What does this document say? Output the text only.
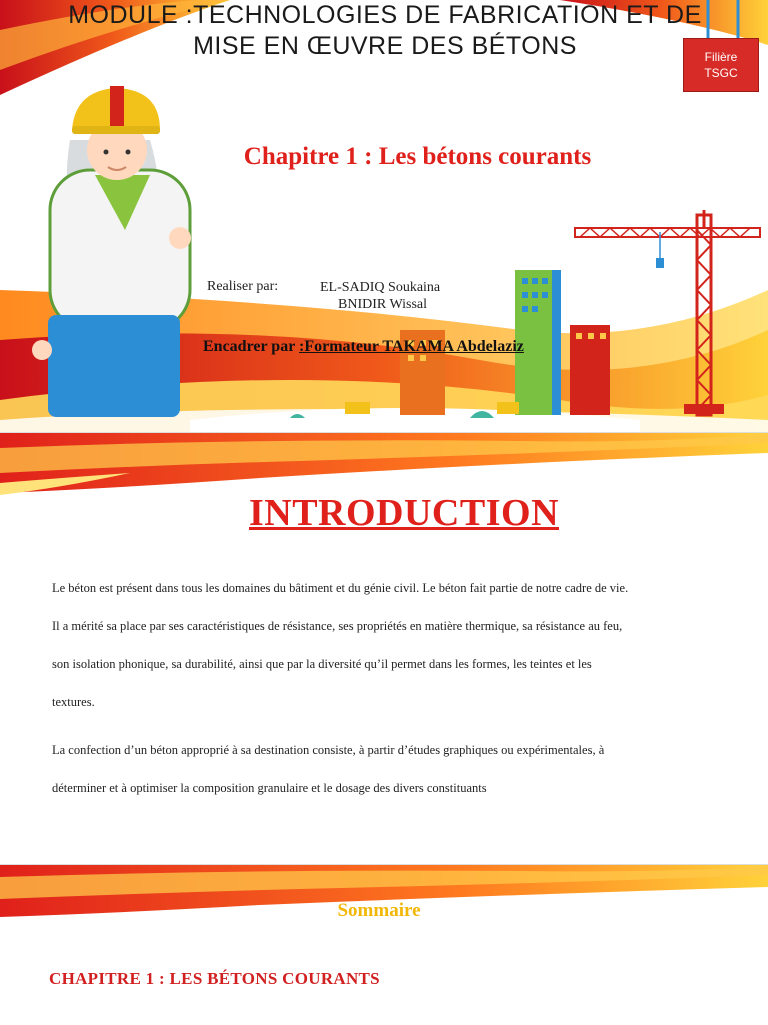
MODULE :TECHNOLOGIES DE FABRICATION ET DE MISE EN ŒUVRE DES BÉTONS	Filière
TSGC
Chapitre 1 : Les bétons courants
Realiser par:	EL-SADIQ Soukaina
BNIDIR Wissal
Encadrer par :Formateur TAKAMA Abdelaziz
INTRODUCTION
Le béton est présent dans tous les domaines du bâtiment et du génie civil. Le béton fait partie de notre cadre de vie.
Il a mérité sa place par ses caractéristiques de résistance, ses propriétés en matière thermique, sa résistance au feu,
son isolation phonique, sa durabilité, ainsi que par la diversité qu’il permet dans les formes, les teintes et les
textures.
La confection d’un béton approprié à sa destination consiste, à partir d’études graphiques ou expérimentales, à
déterminer et à optimiser la composition granulaire et le dosage des divers constituants
Sommaire
CHAPITRE 1 : LES BÉTONS COURANTS
